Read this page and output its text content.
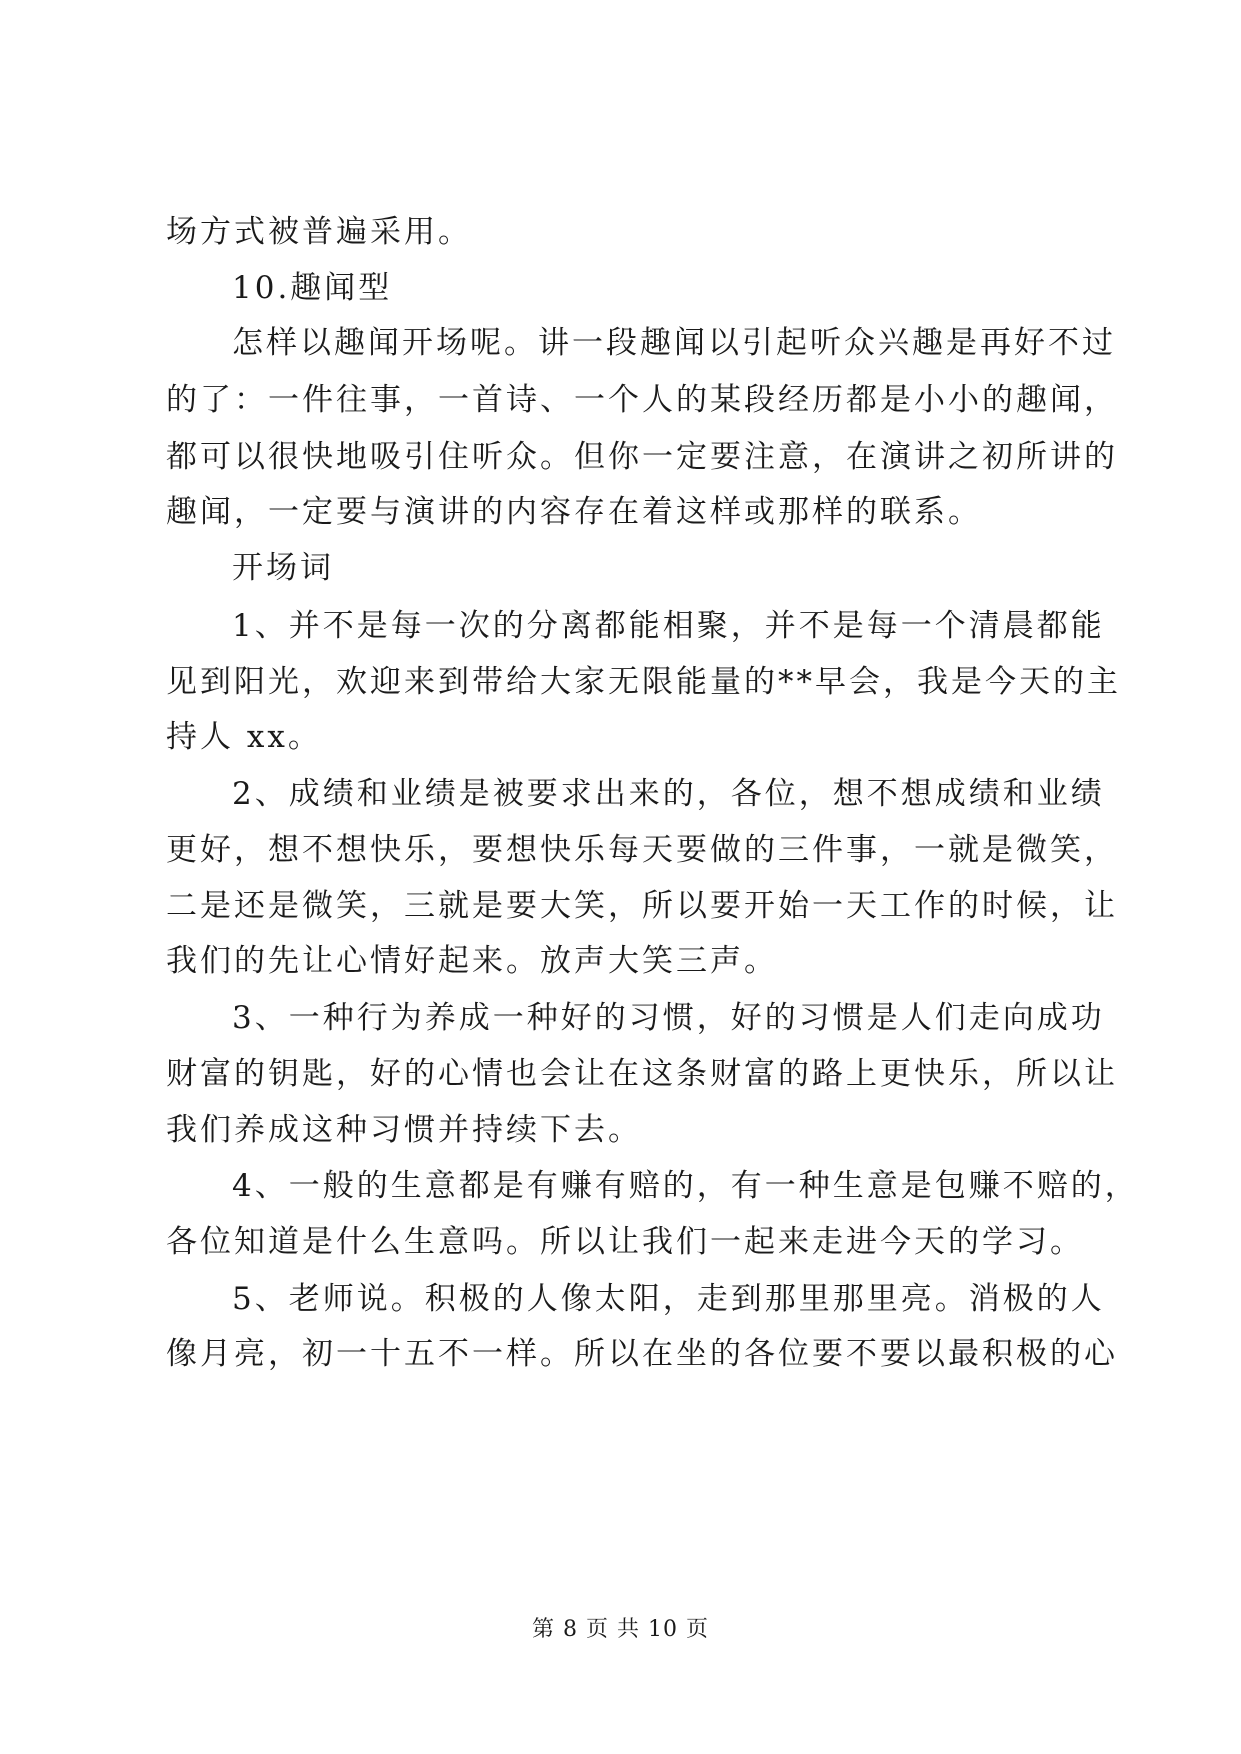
场方式被普遍采用。
10.趣闻型
怎样以趣闻开场呢。讲一段趣闻以引起听众兴趣是再好不过
的了：一件往事，一首诗、一个人的某段经历都是小小的趣闻，
都可以很快地吸引住听众。但你一定要注意，在演讲之初所讲的
趣闻，一定要与演讲的内容存在着这样或那样的联系。
开场词
1、并不是每一次的分离都能相聚，并不是每一个清晨都能
见到阳光，欢迎来到带给大家无限能量的**早会，我是今天的主
持人 xx。
2、成绩和业绩是被要求出来的，各位，想不想成绩和业绩
更好，想不想快乐，要想快乐每天要做的三件事，一就是微笑，
二是还是微笑，三就是要大笑，所以要开始一天工作的时候，让
我们的先让心情好起来。放声大笑三声。
3、一种行为养成一种好的习惯，好的习惯是人们走向成功
财富的钥匙，好的心情也会让在这条财富的路上更快乐，所以让
我们养成这种习惯并持续下去。
4、一般的生意都是有赚有赔的，有一种生意是包赚不赔的，
各位知道是什么生意吗。所以让我们一起来走进今天的学习。
5、老师说。积极的人像太阳，走到那里那里亮。消极的人
像月亮，初一十五不一样。所以在坐的各位要不要以最积极的心
第 8 页 共 10 页
